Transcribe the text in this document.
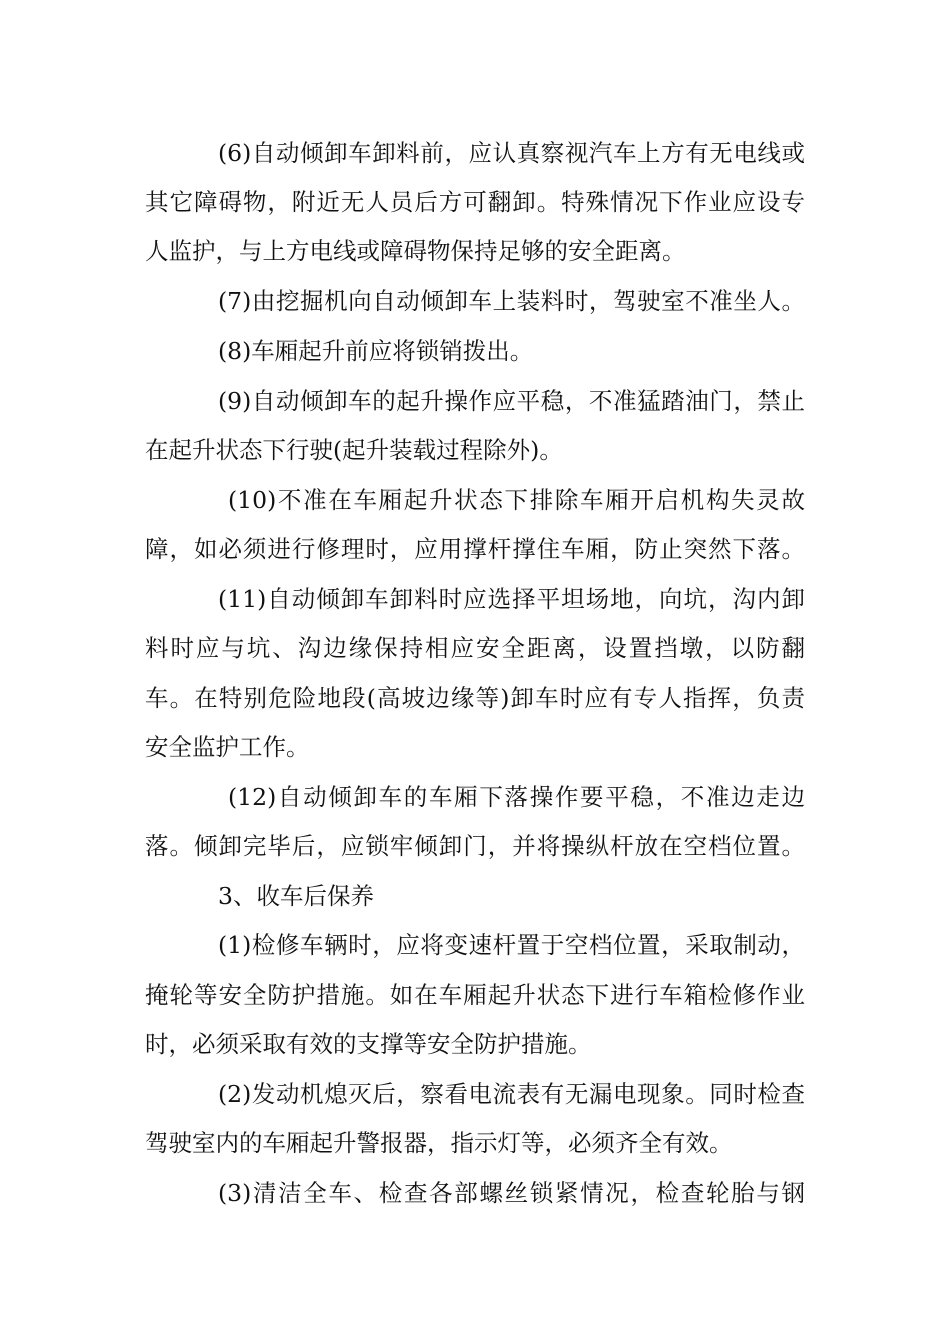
(6)自动倾卸车卸料前，应认真察视汽车上方有无电线或
其它障碍物，附近无人员后方可翻卸。特殊情况下作业应设专
人监护，与上方电线或障碍物保持足够的安全距离。
(7)由挖掘机向自动倾卸车上装料时，驾驶室不准坐人。
(8)车厢起升前应将锁销拨出。
(9)自动倾卸车的起升操作应平稳，不准猛踏油门，禁止
在起升状态下行驶(起升装载过程除外)。
(10)不准在车厢起升状态下排除车厢开启机构失灵故
障，如必须进行修理时，应用撑杆撑住车厢，防止突然下落。
(11)自动倾卸车卸料时应选择平坦场地，向坑，沟内卸
料时应与坑、沟边缘保持相应安全距离，设置挡墩，以防翻
车。在特别危险地段(高坡边缘等)卸车时应有专人指挥，负责
安全监护工作。
(12)自动倾卸车的车厢下落操作要平稳，不准边走边
落。倾卸完毕后，应锁牢倾卸门，并将操纵杆放在空档位置。
3、收车后保养
(1)检修车辆时，应将变速杆置于空档位置，采取制动，
掩轮等安全防护措施。如在车厢起升状态下进行车箱检修作业
时，必须采取有效的支撑等安全防护措施。
(2)发动机熄灭后，察看电流表有无漏电现象。同时检查
驾驶室内的车厢起升警报器，指示灯等，必须齐全有效。
(3)清洁全车、检查各部螺丝锁紧情况，检查轮胎与钢
